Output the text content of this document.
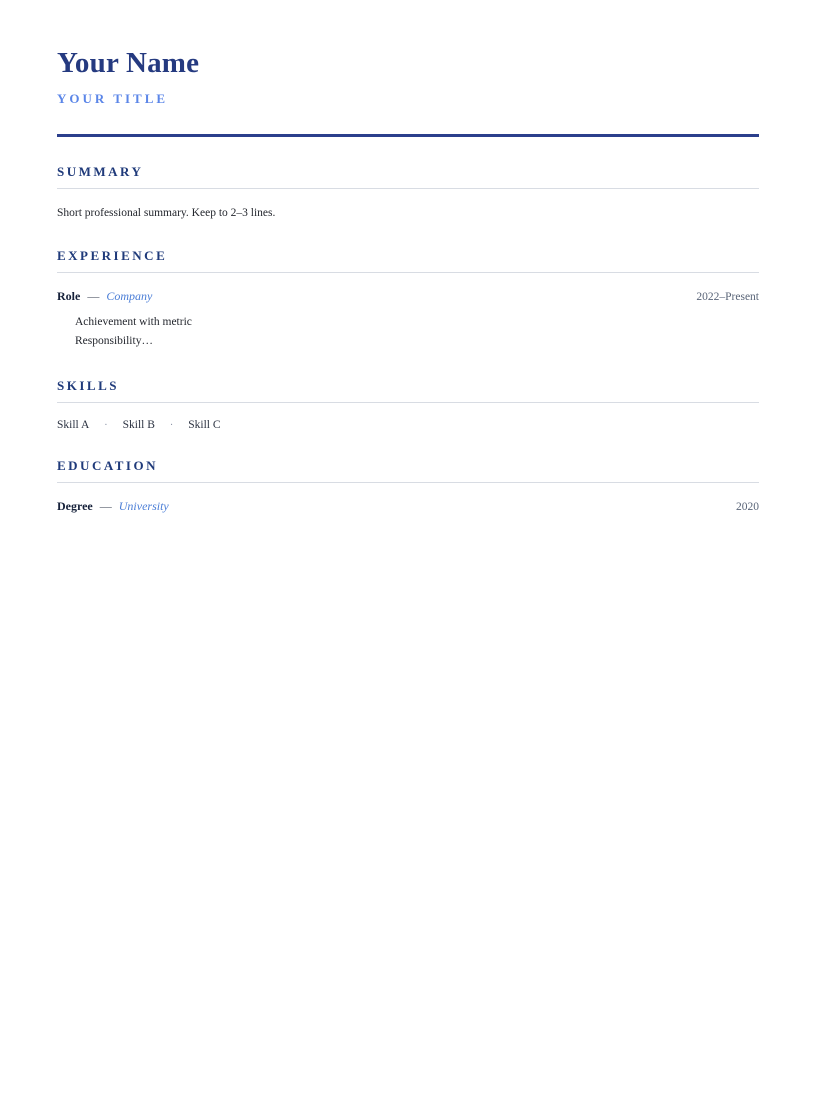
Your Name
YOUR TITLE
SUMMARY
Short professional summary. Keep to 2–3 lines.
EXPERIENCE
Role — Company	2022–Present
Achievement with metric
Responsibility…
SKILLS
Skill A · Skill B · Skill C
EDUCATION
Degree — University	2020
